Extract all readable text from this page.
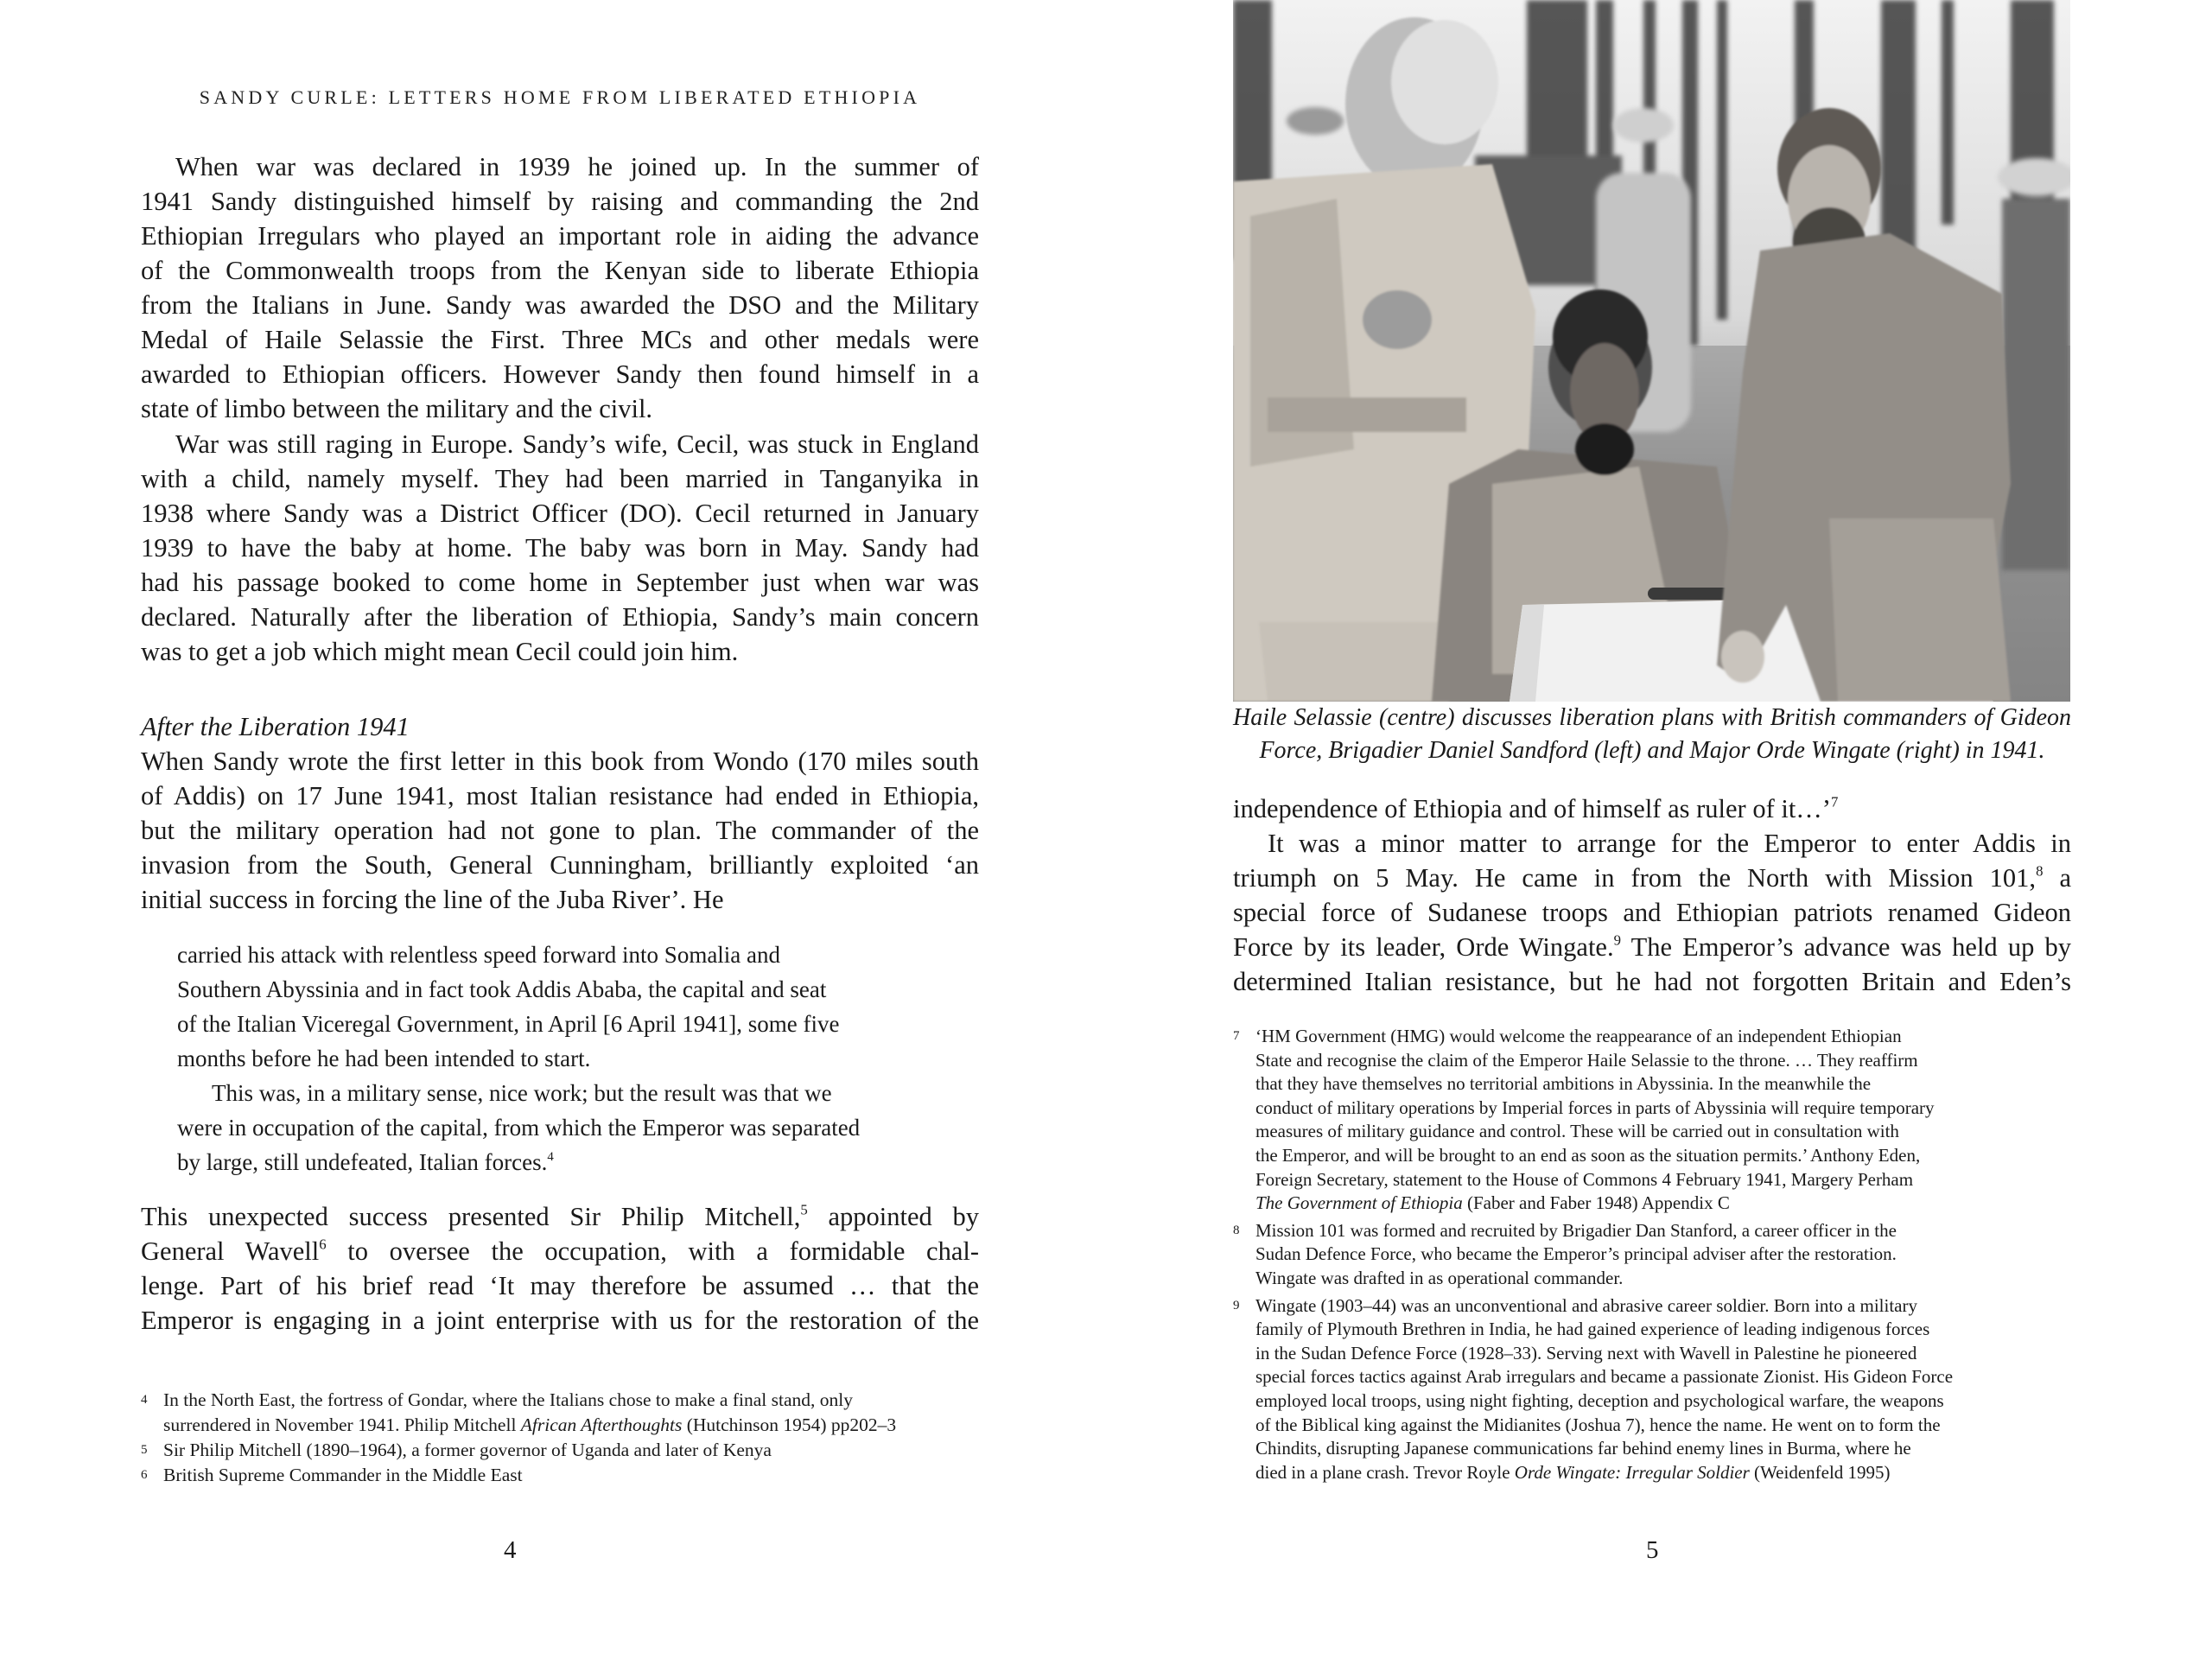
SANDY CURLE: LETTERS HOME FROM LIBERATED ETHIOPIA
When war was declared in 1939 he joined up. In the summer of
1941 Sandy distinguished himself by raising and commanding the 2nd
Ethiopian Irregulars who played an important role in aiding the advance
of the Commonwealth troops from the Kenyan side to liberate Ethiopia
from the Italians in June. Sandy was awarded the DSO and the Military
Medal of Haile Selassie the First. Three MCs and other medals were
awarded to Ethiopian officers. However Sandy then found himself in a
state of limbo between the military and the civil.
War was still raging in Europe. Sandy’s wife, Cecil, was stuck in England
with a child, namely myself. They had been married in Tanganyika in
1938 where Sandy was a District Officer (DO). Cecil returned in January
1939 to have the baby at home. The baby was born in May. Sandy had
had his passage booked to come home in September just when war was
declared. Naturally after the liberation of Ethiopia, Sandy’s main concern
was to get a job which might mean Cecil could join him.
After the Liberation 1941
When Sandy wrote the first letter in this book from Wondo (170 miles south
of Addis) on 17 June 1941, most Italian resistance had ended in Ethiopia,
but the military operation had not gone to plan. The commander of the
invasion from the South, General Cunningham, brilliantly exploited ‘an
initial success in forcing the line of the Juba River’. He
carried his attack with relentless speed forward into Somalia and
Southern Abyssinia and in fact took Addis Ababa, the capital and seat
of the Italian Viceregal Government, in April [6 April 1941], some five
months before he had been intended to start.
This was, in a military sense, nice work; but the result was that we
were in occupation of the capital, from which the Emperor was separated
by large, still undefeated, Italian forces.$^4$
This unexpected success presented Sir Philip Mitchell,$^5$ appointed by
General Wavell$^6$ to oversee the occupation, with a formidable chal-
lenge. Part of his brief read ‘It may therefore be assumed … that the
Emperor is engaging in a joint enterprise with us for the restoration of the
4 In the North East, the fortress of Gondar, where the Italians chose to make a final stand, only
surrendered in November 1941. Philip Mitchell African Afterthoughts (Hutchinson 1954) pp202–3
5 Sir Philip Mitchell (1890–1964), a former governor of Uganda and later of Kenya
6 British Supreme Commander in the Middle East
4
Haile Selassie (centre) discusses liberation plans with British commanders of Gideon
Force, Brigadier Daniel Sandford (left) and Major Orde Wingate (right) in 1941.
independence of Ethiopia and of himself as ruler of it…’$^7$
It was a minor matter to arrange for the Emperor to enter Addis in
triumph on 5 May. He came in from the North with Mission 101,$^8$ a
special force of Sudanese troops and Ethiopian patriots renamed Gideon
Force by its leader, Orde Wingate.$^9$ The Emperor’s advance was held up by
determined Italian resistance, but he had not forgotten Britain and Eden’s
7 ‘HM Government (HMG) would welcome the reappearance of an independent Ethiopian
State and recognise the claim of the Emperor Haile Selassie to the throne. … They reaffirm
that they have themselves no territorial ambitions in Abyssinia. In the meanwhile the
conduct of military operations by Imperial forces in parts of Abyssinia will require temporary
measures of military guidance and control. These will be carried out in consultation with
the Emperor, and will be brought to an end as soon as the situation permits.’ Anthony Eden,
Foreign Secretary, statement to the House of Commons 4 February 1941, Margery Perham
The Government of Ethiopia (Faber and Faber 1948) Appendix C
8 Mission 101 was formed and recruited by Brigadier Dan Stanford, a career officer in the
Sudan Defence Force, who became the Emperor’s principal adviser after the restoration.
Wingate was drafted in as operational commander.
9 Wingate (1903–44) was an unconventional and abrasive career soldier. Born into a military
family of Plymouth Brethren in India, he had gained experience of leading indigenous forces
in the Sudan Defence Force (1928–33). Serving next with Wavell in Palestine he pioneered
special forces tactics against Arab irregulars and became a passionate Zionist. His Gideon Force
employed local troops, using night fighting, deception and psychological warfare, the weapons
of the Biblical king against the Midianites (Joshua 7), hence the name. He went on to form the
Chindits, disrupting Japanese communications far behind enemy lines in Burma, where he
died in a plane crash. Trevor Royle Orde Wingate: Irregular Soldier (Weidenfeld 1995)
5
